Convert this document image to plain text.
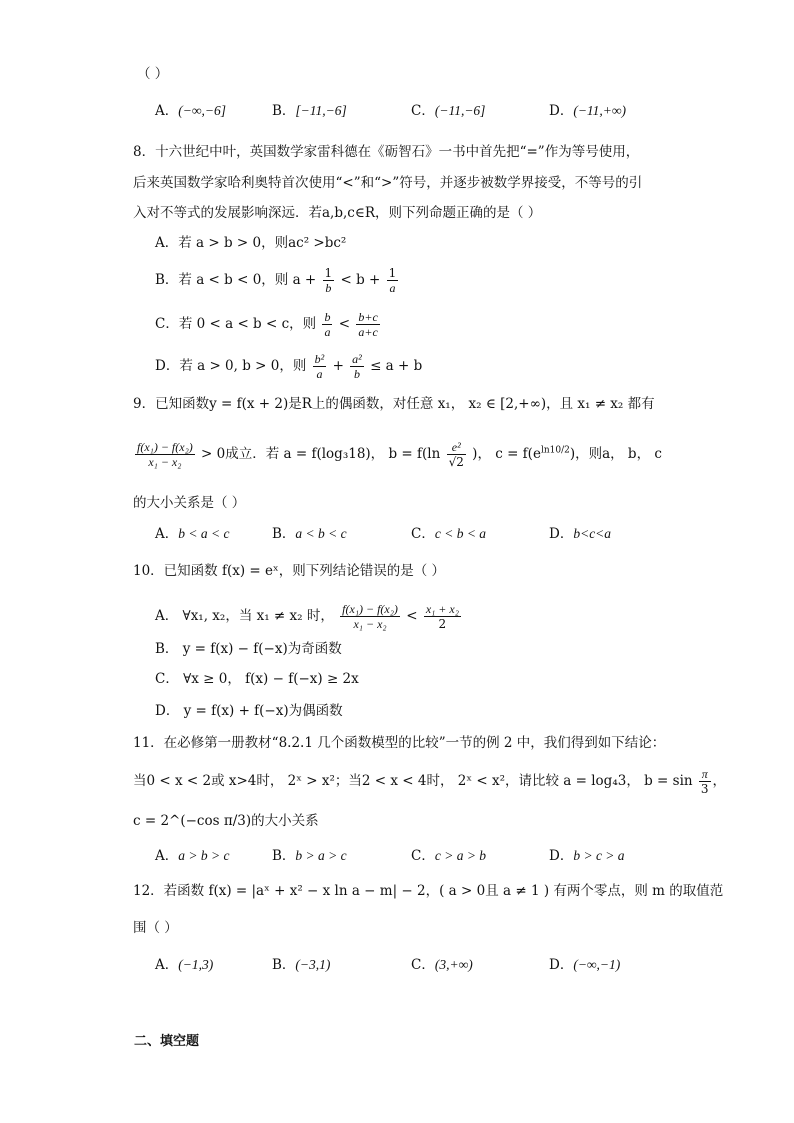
（ ）
A．(−∞,−6]	B．[−11,−6]	C．(−11,−6]	D．(−11,+∞)
8．十六世纪中叶，英国数学家雷科德在《砺智石》一书中首先把“=”作为等号使用，
后来英国数学家哈利奥特首次使用“<”和“>”符号，并逐步被数学界接受，不等号的引
入对不等式的发展影响深远．若a,b,c∈R，则下列命题正确的是（ ）
A．若 a > b > 0，则ac² >bc²
B．若 a < b < 0，则 $a + \frac{1}{b} < b + \frac{1}{a}$
C．若 0 < a < b < c，则 $\frac{b}{a} < \frac{b+c}{a+c}$
D．若 a > 0, b > 0，则 $\frac{\text{b²}}{a} + \frac{\text{a²}}{b} \le a + b$
9．已知函数y = f(x + 2)是R上的偶函数，对任意 x₁， x₂ ∈ [2,+∞)，且 x₁ ≠ x₂ 都有
$\frac{\text{f(x₁) − f(x₂)}}{\text{x₁ − x₂}} > 0$成立．若 a = f(log₃18)， $b = f(\ln \frac{\text{e²}}{√2}$ )， $c = f(e^{ln10/2})$，则a， b， c
的大小关系是（ ）
A．b < a < c	B．a < b < c	C．c < b < a	D．b<c<a
10．已知函数 f(x) = eˣ，则下列结论错误的是（ ）
A． ∀x₁, x₂，当 x₁ ≠ x₂ 时， $\frac{\text{f(x₁) − f(x₂)}}{\text{x₁ − x₂}} < \frac{\text{x₁ + x₂}}{2}$
B． y = f(x) − f(−x)为奇函数
C． ∀x ≥ 0， f(x) − f(−x) ≥ 2x
D． y = f(x) + f(−x)为偶函数
11．在必修第一册教材“8.2.1 几个函数模型的比较”一节的例 2 中，我们得到如下结论：
当0 < x < 2或 x>4时， 2ˣ > x²；当2 < x < 4时， 2ˣ < x²，请比较 a = log₄3， $b = \sin \frac{\pi}{3}$ ，
c = 2^(−cos π/3)的大小关系
A．a > b > c	B．b > a > c	C．c > a > b	D．b > c > a
12．若函数 f(x) = |aˣ + x² − x ln a − m| − 2，( a > 0且 a ≠ 1 ) 有两个零点，则 m 的取值范
围（ ）
A．(−1,3)	B．(−3,1)	C．(3,+∞)	D．(−∞,−1)
二、填空题
